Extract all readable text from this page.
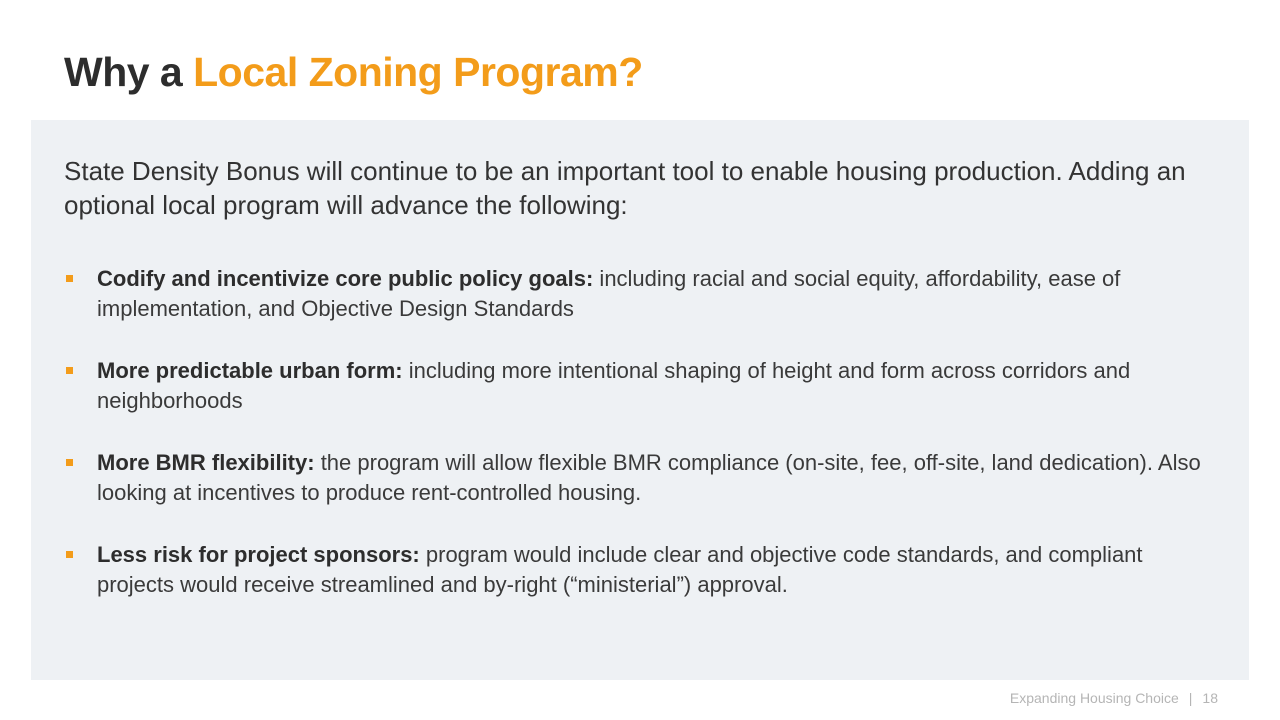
Why a Local Zoning Program?

State Density Bonus will continue to be an important tool to enable housing production. Adding an optional local program will advance the following:

Codify and incentivize core public policy goals: including racial and social equity, affordability, ease of implementation, and Objective Design Standards
More predictable urban form: including more intentional shaping of height and form across corridors and neighborhoods
More BMR flexibility: the program will allow flexible BMR compliance (on-site, fee, off-site, land dedication). Also looking at incentives to produce rent-controlled housing.
Less risk for project sponsors: program would include clear and objective code standards, and compliant projects would receive streamlined and by-right (“ministerial”) approval.
Expanding Housing Choice | 18
